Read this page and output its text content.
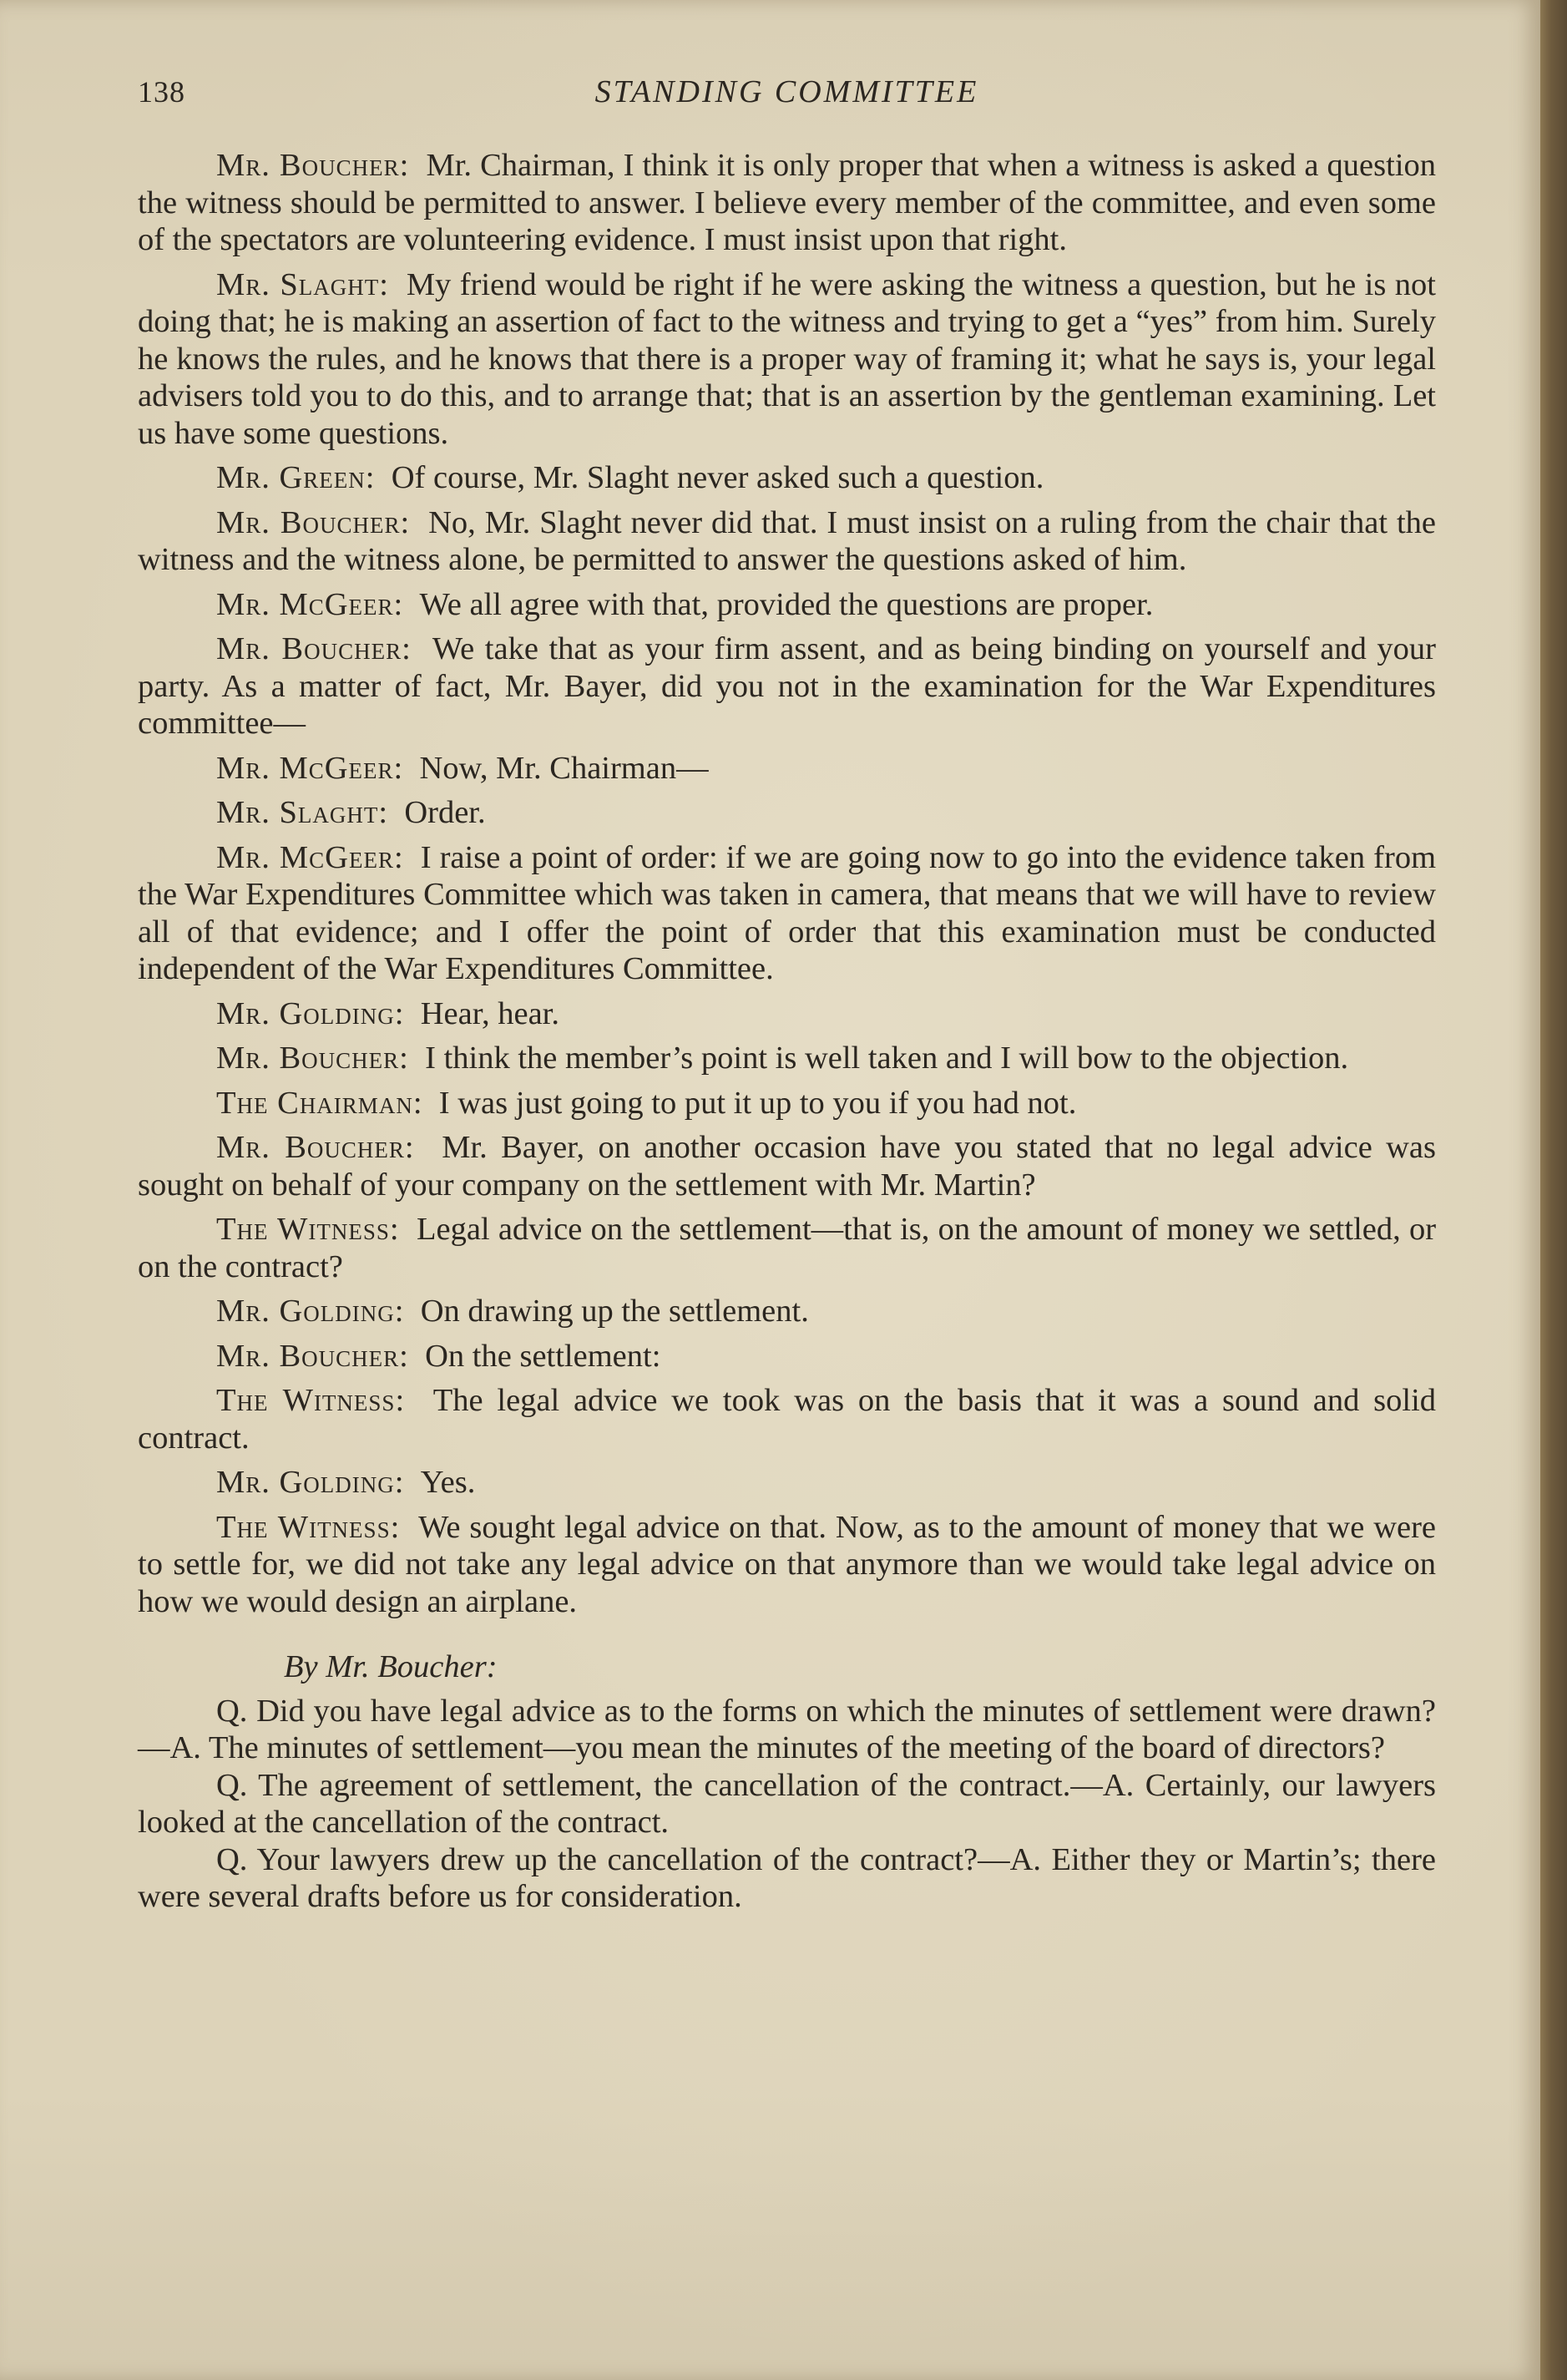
138	STANDING COMMITTEE

Mr. Boucher: Mr. Chairman, I think it is only proper that when a witness is asked a question the witness should be permitted to answer. I believe every member of the committee, and even some of the spectators are volunteering evidence. I must insist upon that right.

Mr. Slaght: My friend would be right if he were asking the witness a question, but he is not doing that; he is making an assertion of fact to the witness and trying to get a “yes” from him. Surely he knows the rules, and he knows that there is a proper way of framing it; what he says is, your legal advisers told you to do this, and to arrange that; that is an assertion by the gentleman examining. Let us have some questions.

Mr. Green: Of course, Mr. Slaght never asked such a question.

Mr. Boucher: No, Mr. Slaght never did that. I must insist on a ruling from the chair that the witness and the witness alone, be permitted to answer the questions asked of him.

Mr. McGeer: We all agree with that, provided the questions are proper.

Mr. Boucher: We take that as your firm assent, and as being binding on yourself and your party. As a matter of fact, Mr. Bayer, did you not in the examination for the War Expenditures committee—

Mr. McGeer: Now, Mr. Chairman—

Mr. Slaght: Order.

Mr. McGeer: I raise a point of order: if we are going now to go into the evidence taken from the War Expenditures Committee which was taken in camera, that means that we will have to review all of that evidence; and I offer the point of order that this examination must be conducted independent of the War Expenditures Committee.

Mr. Golding: Hear, hear.

Mr. Boucher: I think the member’s point is well taken and I will bow to the objection.

The Chairman: I was just going to put it up to you if you had not.

Mr. Boucher: Mr. Bayer, on another occasion have you stated that no legal advice was sought on behalf of your company on the settlement with Mr. Martin?

The Witness: Legal advice on the settlement—that is, on the amount of money we settled, or on the contract?

Mr. Golding: On drawing up the settlement.

Mr. Boucher: On the settlement:

The Witness: The legal advice we took was on the basis that it was a sound and solid contract.

Mr. Golding: Yes.

The Witness: We sought legal advice on that. Now, as to the amount of money that we were to settle for, we did not take any legal advice on that anymore than we would take legal advice on how we would design an airplane.

By Mr. Boucher:

Q. Did you have legal advice as to the forms on which the minutes of settlement were drawn?—A. The minutes of settlement—you mean the minutes of the meeting of the board of directors?

Q. The agreement of settlement, the cancellation of the contract.—A. Certainly, our lawyers looked at the cancellation of the contract.

Q. Your lawyers drew up the cancellation of the contract?—A. Either they or Martin’s; there were several drafts before us for consideration.
